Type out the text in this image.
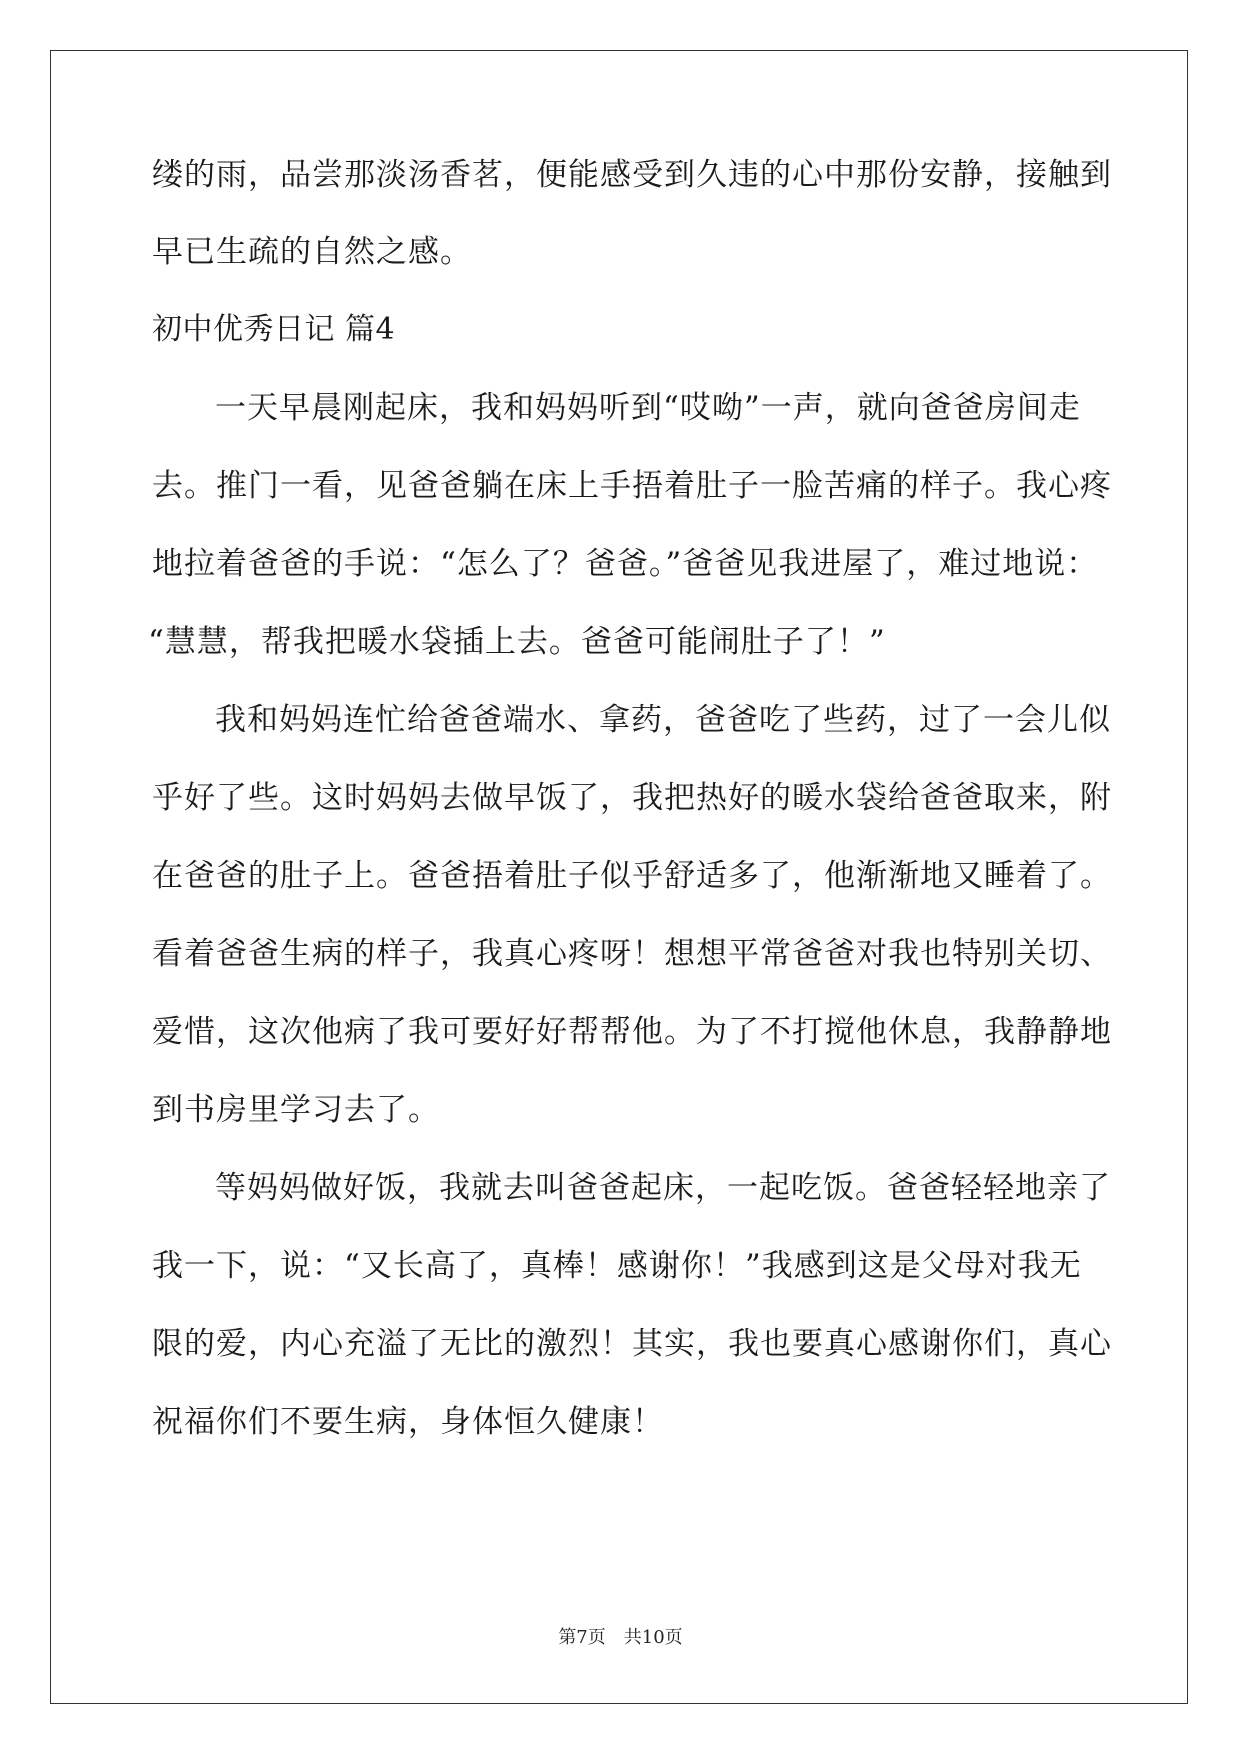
缕的雨，品尝那淡汤香茗，便能感受到久违的心中那份安静，接触到

早已生疏的自然之感。

初中优秀日记 篇4

一天早晨刚起床，我和妈妈听到“哎呦”一声，就向爸爸房间走

去。推门一看，见爸爸躺在床上手捂着肚子一脸苦痛的样子。我心疼

地拉着爸爸的手说：“怎么了？爸爸。”爸爸见我进屋了，难过地说：

“慧慧，帮我把暖水袋插上去。爸爸可能闹肚子了！”

我和妈妈连忙给爸爸端水、拿药，爸爸吃了些药，过了一会儿似

乎好了些。这时妈妈去做早饭了，我把热好的暖水袋给爸爸取来，附

在爸爸的肚子上。爸爸捂着肚子似乎舒适多了，他渐渐地又睡着了。

看着爸爸生病的样子，我真心疼呀！想想平常爸爸对我也特别关切、

爱惜，这次他病了我可要好好帮帮他。为了不打搅他休息，我静静地

到书房里学习去了。

等妈妈做好饭，我就去叫爸爸起床，一起吃饭。爸爸轻轻地亲了

我一下，说：“又长高了，真棒！感谢你！”我感到这是父母对我无

限的爱，内心充溢了无比的激烈！其实，我也要真心感谢你们，真心

祝福你们不要生病，身体恒久健康！

第7页　共10页
